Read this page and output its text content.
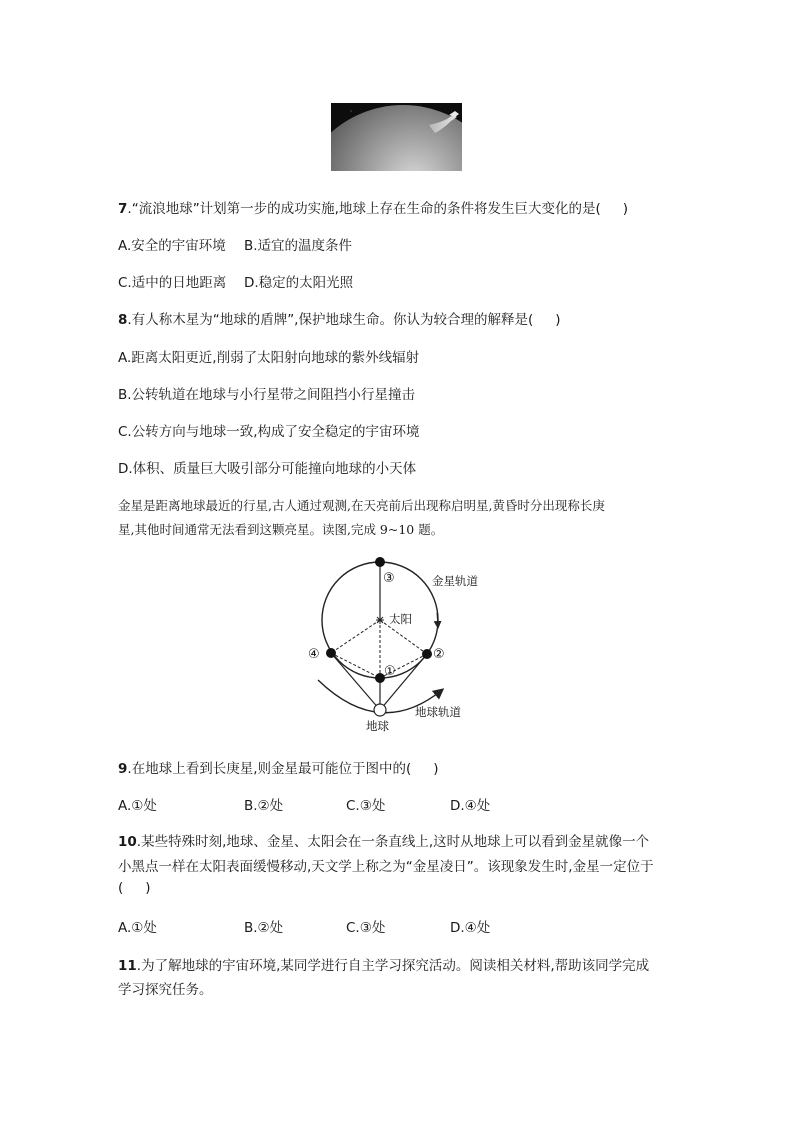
7.“流浪地球”计划第一步的成功实施,地球上存在生命的条件将发生巨大变化的是( )
A.安全的宇宙环境 B.适宜的温度条件
C.适中的日地距离 D.稳定的太阳光照
8.有人称木星为“地球的盾牌”,保护地球生命。你认为较合理的解释是( )
A.距离太阳更近,削弱了太阳射向地球的紫外线辐射
B.公转轨道在地球与小行星带之间阻挡小行星撞击
C.公转方向与地球一致,构成了安全稳定的宇宙环境
D.体积、质量巨大吸引部分可能撞向地球的小天体
金星是距离地球最近的行星,古人通过观测,在天亮前后出现称启明星,黄昏时分出现称长庚
星,其他时间通常无法看到这颗亮星。读图,完成 9~10 题。
③
④	②
①
金星轨道
太阳
地球
地球轨道
9.在地球上看到长庚星,则金星最可能位于图中的( )
A.①处	B.②处	C.③处	D.④处
10.某些特殊时刻,地球、金星、太阳会在一条直线上,这时从地球上可以看到金星就像一个
小黑点一样在太阳表面缓慢移动,天文学上称之为“金星凌日”。该现象发生时,金星一定位于
( )
A.①处	B.②处	C.③处	D.④处
11.为了解地球的宇宙环境,某同学进行自主学习探究活动。阅读相关材料,帮助该同学完成
学习探究任务。
